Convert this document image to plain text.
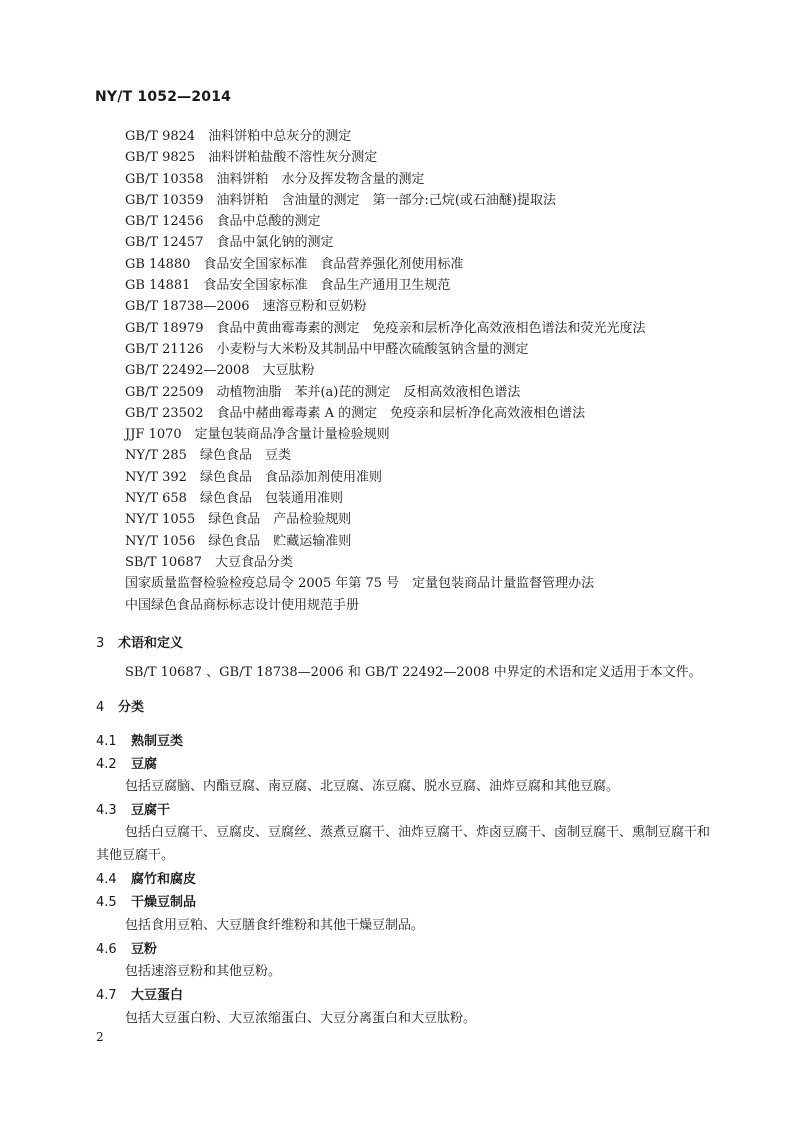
NY/T 1052—2014
GB/T 9824　油料饼粕中总灰分的测定
GB/T 9825　油料饼粕盐酸不溶性灰分测定
GB/T 10358　油料饼粕　水分及挥发物含量的测定
GB/T 10359　油料饼粕　含油量的测定　第一部分:己烷(或石油醚)提取法
GB/T 12456　食品中总酸的测定
GB/T 12457　食品中氯化钠的测定
GB 14880　食品安全国家标准　食品营养强化剂使用标准
GB 14881　食品安全国家标准　食品生产通用卫生规范
GB/T 18738—2006　速溶豆粉和豆奶粉
GB/T 18979　食品中黄曲霉毒素的测定　免疫亲和层析净化高效液相色谱法和荧光光度法
GB/T 21126　小麦粉与大米粉及其制品中甲醛次硫酸氢钠含量的测定
GB/T 22492—2008　大豆肽粉
GB/T 22509　动植物油脂　苯并(a)芘的测定　反相高效液相色谱法
GB/T 23502　食品中赭曲霉毒素 A 的测定　免疫亲和层析净化高效液相色谱法
JJF 1070　定量包装商品净含量计量检验规则
NY/T 285　绿色食品　豆类
NY/T 392　绿色食品　食品添加剂使用准则
NY/T 658　绿色食品　包装通用准则
NY/T 1055　绿色食品　产品检验规则
NY/T 1056　绿色食品　贮藏运输准则
SB/T 10687　大豆食品分类
国家质量监督检验检疫总局令 2005 年第 75 号　定量包装商品计量监督管理办法
中国绿色食品商标标志设计使用规范手册
3 术语和定义
SB/T 10687 、GB/T 18738—2006 和 GB/T 22492—2008 中界定的术语和定义适用于本文件。
4 分类
4.1 熟制豆类
4.2 豆腐
包括豆腐脑、内酯豆腐、南豆腐、北豆腐、冻豆腐、脱水豆腐、油炸豆腐和其他豆腐。
4.3 豆腐干
包括白豆腐干、豆腐皮、豆腐丝、蒸煮豆腐干、油炸豆腐干、炸卤豆腐干、卤制豆腐干、熏制豆腐干和其他豆腐干。
4.4 腐竹和腐皮
4.5 干燥豆制品
包括食用豆粕、大豆膳食纤维粉和其他干燥豆制品。
4.6 豆粉
包括速溶豆粉和其他豆粉。
4.7 大豆蛋白
包括大豆蛋白粉、大豆浓缩蛋白、大豆分离蛋白和大豆肽粉。
2
